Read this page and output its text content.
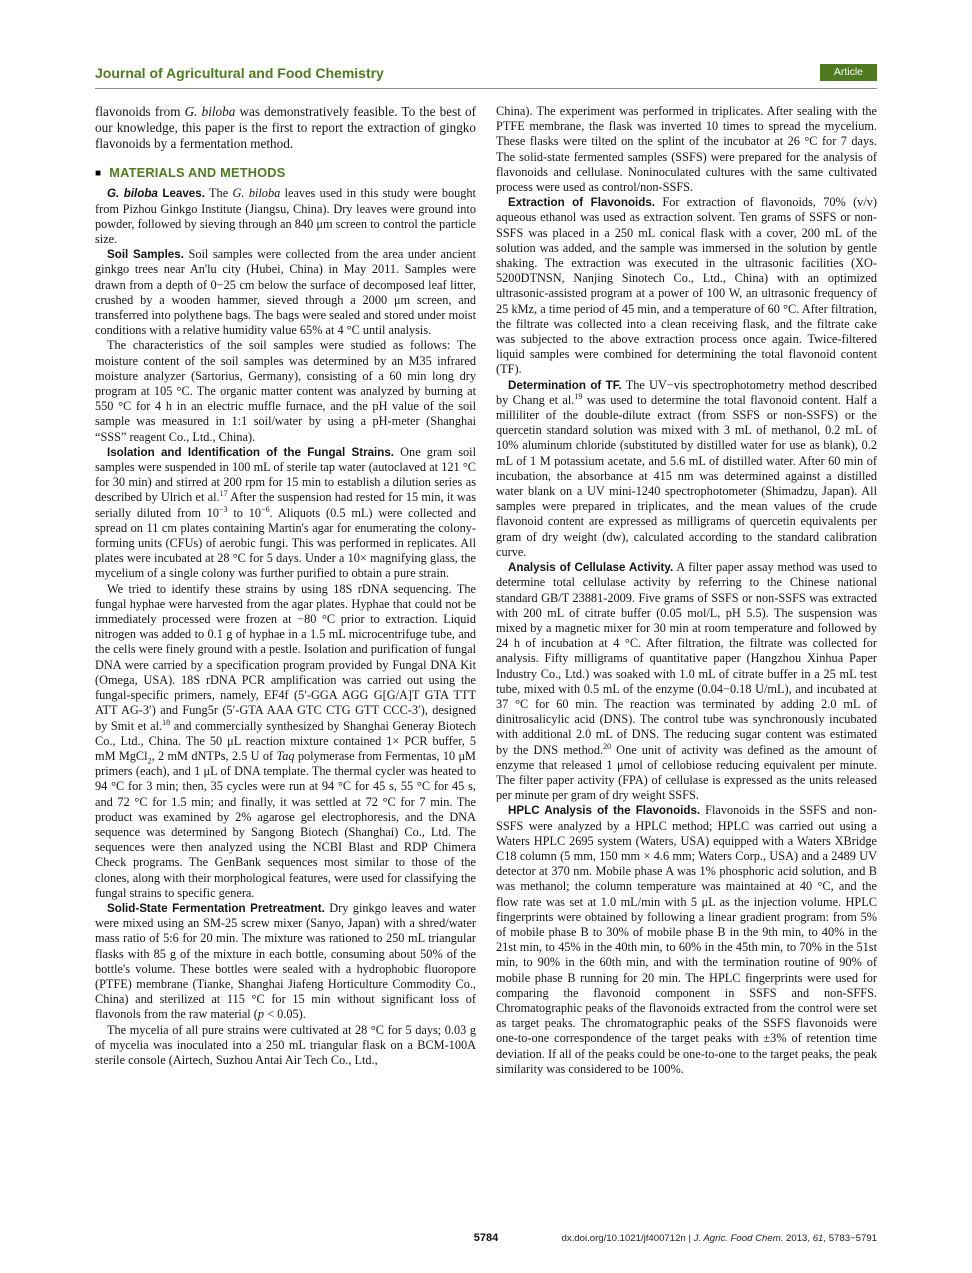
Journal of Agricultural and Food Chemistry	Article

flavonoids from G. biloba was demonstratively feasible. To the best of our knowledge, this paper is the first to report the extraction of gingko flavonoids by a fermentation method.

■ MATERIALS AND METHODS

G. biloba Leaves. The G. biloba leaves used in this study were bought from Pizhou Ginkgo Institute (Jiangsu, China). Dry leaves were ground into powder, followed by sieving through an 840 μm screen to control the particle size.

Soil Samples. Soil samples were collected from the area under ancient ginkgo trees near An'lu city (Hubei, China) in May 2011. Samples were drawn from a depth of 0−25 cm below the surface of decomposed leaf litter, crushed by a wooden hammer, sieved through a 2000 μm screen, and transferred into polythene bags. The bags were sealed and stored under moist conditions with a relative humidity value 65% at 4 °C until analysis.

The characteristics of the soil samples were studied as follows: The moisture content of the soil samples was determined by an M35 infrared moisture analyzer (Sartorius, Germany), consisting of a 60 min long dry program at 105 °C. The organic matter content was analyzed by burning at 550 °C for 4 h in an electric muffle furnace, and the pH value of the soil sample was measured in 1:1 soil/water by using a pH-meter (Shanghai “SSS” reagent Co., Ltd., China).

Isolation and Identification of the Fungal Strains. One gram soil samples were suspended in 100 mL of sterile tap water (autoclaved at 121 °C for 30 min) and stirred at 200 rpm for 15 min to establish a dilution series as described by Ulrich et al.$^{17}$ After the suspension had rested for 15 min, it was serially diluted from $10^{-3}$ to $10^{-6}$. Aliquots (0.5 mL) were collected and spread on 11 cm plates containing Martin's agar for enumerating the colony-forming units (CFUs) of aerobic fungi. This was performed in replicates. All plates were incubated at 28 °C for 5 days. Under a 10× magnifying glass, the mycelium of a single colony was further purified to obtain a pure strain.

We tried to identify these strains by using 18S rDNA sequencing. The fungal hyphae were harvested from the agar plates. Hyphae that could not be immediately processed were frozen at −80 °C prior to extraction. Liquid nitrogen was added to 0.1 g of hyphae in a 1.5 mL microcentrifuge tube, and the cells were finely ground with a pestle. Isolation and purification of fungal DNA were carried by a specification program provided by Fungal DNA Kit (Omega, USA). 18S rDNA PCR amplification was carried out using the fungal-specific primers, namely, EF4f (5′-GGA AGG G[G/A]T GTA TTT ATT AG-3′) and Fung5r (5′-GTA AAA GTC CTG GTT CCC-3′), designed by Smit et al.$^{18}$ and commercially synthesized by Shanghai Generay Biotech Co., Ltd., China. The 50 μL reaction mixture contained 1× PCR buffer, 5 mM MgCl$_2$, 2 mM dNTPs, 2.5 U of Taq polymerase from Fermentas, 10 μM primers (each), and 1 μL of DNA template. The thermal cycler was heated to 94 °C for 3 min; then, 35 cycles were run at 94 °C for 45 s, 55 °C for 45 s, and 72 °C for 1.5 min; and finally, it was settled at 72 °C for 7 min. The product was examined by 2% agarose gel electrophoresis, and the DNA sequence was determined by Sangong Biotech (Shanghai) Co., Ltd. The sequences were then analyzed using the NCBI Blast and RDP Chimera Check programs. The GenBank sequences most similar to those of the clones, along with their morphological features, were used for classifying the fungal strains to specific genera.

Solid-State Fermentation Pretreatment. Dry ginkgo leaves and water were mixed using an SM-25 screw mixer (Sanyo, Japan) with a shred/water mass ratio of 5:6 for 20 min. The mixture was rationed to 250 mL triangular flasks with 85 g of the mixture in each bottle, consuming about 50% of the bottle's volume. These bottles were sealed with a hydrophobic fluoropore (PTFE) membrane (Tianke, Shanghai Jiafeng Horticulture Commodity Co., China) and sterilized at 115 °C for 15 min without significant loss of flavonols from the raw material (p < 0.05).

The mycelia of all pure strains were cultivated at 28 °C for 5 days; 0.03 g of mycelia was inoculated into a 250 mL triangular flask on a BCM-100A sterile console (Airtech, Suzhou Antai Air Tech Co., Ltd.,

China). The experiment was performed in triplicates. After sealing with the PTFE membrane, the flask was inverted 10 times to spread the mycelium. These flasks were tilted on the splint of the incubator at 26 °C for 7 days. The solid-state fermented samples (SSFS) were prepared for the analysis of flavonoids and cellulase. Noninoculated cultures with the same cultivated process were used as control/non-SSFS.

Extraction of Flavonoids. For extraction of flavonoids, 70% (v/v) aqueous ethanol was used as extraction solvent. Ten grams of SSFS or non-SSFS was placed in a 250 mL conical flask with a cover, 200 mL of the solution was added, and the sample was immersed in the solution by gentle shaking. The extraction was executed in the ultrasonic facilities (XO-5200DTNSN, Nanjing Sinotech Co., Ltd., China) with an optimized ultrasonic-assisted program at a power of 100 W, an ultrasonic frequency of 25 kMz, a time period of 45 min, and a temperature of 60 °C. After filtration, the filtrate was collected into a clean receiving flask, and the filtrate cake was subjected to the above extraction process once again. Twice-filtered liquid samples were combined for determining the total flavonoid content (TF).

Determination of TF. The UV−vis spectrophotometry method described by Chang et al.$^{19}$ was used to determine the total flavonoid content. Half a milliliter of the double-dilute extract (from SSFS or non-SSFS) or the quercetin standard solution was mixed with 3 mL of methanol, 0.2 mL of 10% aluminum chloride (substituted by distilled water for use as blank), 0.2 mL of 1 M potassium acetate, and 5.6 mL of distilled water. After 60 min of incubation, the absorbance at 415 nm was determined against a distilled water blank on a UV mini-1240 spectrophotometer (Shimadzu, Japan). All samples were prepared in triplicates, and the mean values of the crude flavonoid content are expressed as milligrams of quercetin equivalents per gram of dry weight (dw), calculated according to the standard calibration curve.

Analysis of Cellulase Activity. A filter paper assay method was used to determine total cellulase activity by referring to the Chinese national standard GB/T 23881-2009. Five grams of SSFS or non-SSFS was extracted with 200 mL of citrate buffer (0.05 mol/L, pH 5.5). The suspension was mixed by a magnetic mixer for 30 min at room temperature and followed by 24 h of incubation at 4 °C. After filtration, the filtrate was collected for analysis. Fifty milligrams of quantitative paper (Hangzhou Xinhua Paper Industry Co., Ltd.) was soaked with 1.0 mL of citrate buffer in a 25 mL test tube, mixed with 0.5 mL of the enzyme (0.04−0.18 U/mL), and incubated at 37 °C for 60 min. The reaction was terminated by adding 2.0 mL of dinitrosalicylic acid (DNS). The control tube was synchronously incubated with additional 2.0 mL of DNS. The reducing sugar content was estimated by the DNS method.$^{20}$ One unit of activity was defined as the amount of enzyme that released 1 μmol of cellobiose reducing equivalent per minute. The filter paper activity (FPA) of cellulase is expressed as the units released per minute per gram of dry weight SSFS.

HPLC Analysis of the Flavonoids. Flavonoids in the SSFS and non-SSFS were analyzed by a HPLC method; HPLC was carried out using a Waters HPLC 2695 system (Waters, USA) equipped with a Waters XBridge C18 column (5 mm, 150 mm × 4.6 mm; Waters Corp., USA) and a 2489 UV detector at 370 nm. Mobile phase A was 1% phosphoric acid solution, and B was methanol; the column temperature was maintained at 40 °C, and the flow rate was set at 1.0 mL/min with 5 μL as the injection volume. HPLC fingerprints were obtained by following a linear gradient program: from 5% of mobile phase B to 30% of mobile phase B in the 9th min, to 40% in the 21st min, to 45% in the 40th min, to 60% in the 45th min, to 70% in the 51st min, to 90% in the 60th min, and with the termination routine of 90% of mobile phase B running for 20 min. The HPLC fingerprints were used for comparing the flavonoid component in SSFS and non-SFFS. Chromatographic peaks of the flavonoids extracted from the control were set as target peaks. The chromatographic peaks of the SSFS flavonoids were one-to-one correspondence of the target peaks with ±3% of retention time deviation. If all of the peaks could be one-to-one to the target peaks, the peak similarity was considered to be 100%.

5784	dx.doi.org/10.1021/jf400712n | J. Agric. Food Chem. 2013, 61, 5783−5791
